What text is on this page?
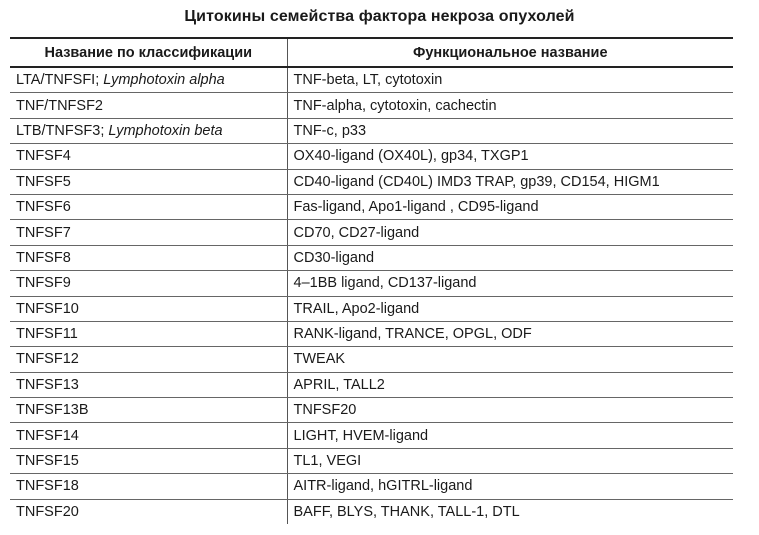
Цитокины семейства фактора некроза опухолей
Название по классификации	Функциональное название
LTA/TNFSFI; Lymphotoxin alpha	TNF-beta, LT, cytotoxin
TNF/TNFSF2	TNF-alpha, cytotoxin, cachectin
LTB/TNFSF3; Lymphotoxin beta	TNF-c, p33
TNFSF4	OX40-ligand (OX40L), gp34, TXGP1
TNFSF5	CD40-ligand (CD40L) IMD3 TRAP, gp39, CD154, HIGM1
TNFSF6	Fas-ligand, Apo1-ligand , CD95-ligand
TNFSF7	CD70, CD27-ligand
TNFSF8	CD30-ligand
TNFSF9	4–1BB ligand, CD137-ligand
TNFSF10	TRAIL, Apo2-ligand
TNFSF11	RANK-ligand, TRANCE, OPGL, ODF
TNFSF12	TWEAK
TNFSF13	APRIL, TALL2
TNFSF13B	TNFSF20
TNFSF14	LIGHT, HVEM-ligand
TNFSF15	TL1, VEGI
TNFSF18	AITR-ligand, hGITRL-ligand
TNFSF20	BAFF, BLYS, THANK, TALL-1, DTL
